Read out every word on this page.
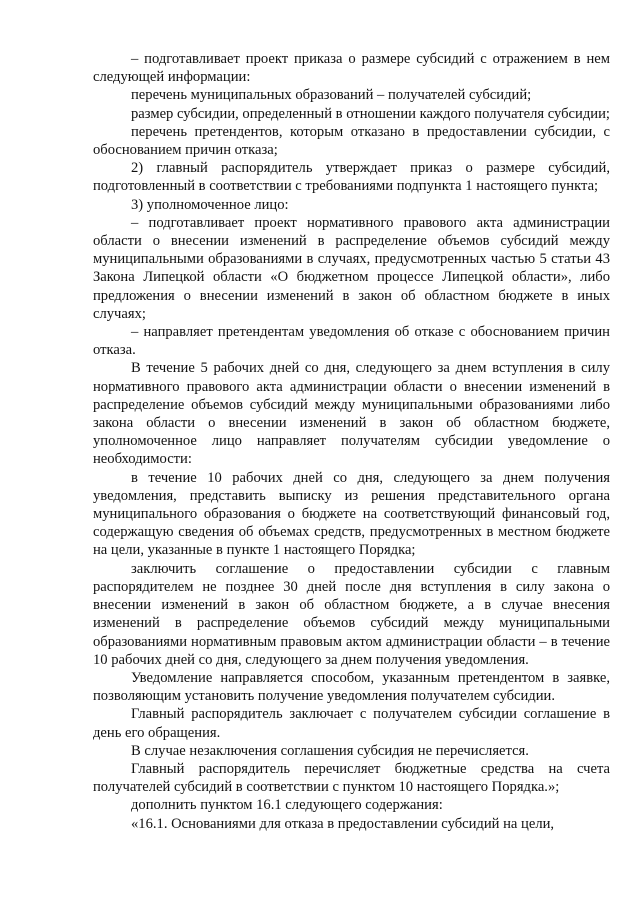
– подготавливает проект приказа о размере субсидий с отражением в нем следующей информации:

перечень муниципальных образований – получателей субсидий;

размер субсидии, определенный в отношении каждого получателя субсидии;

перечень претендентов, которым отказано в предоставлении субсидии, с обоснованием причин отказа;

2) главный распорядитель утверждает приказ о размере субсидий, подготовленный в соответствии с требованиями подпункта 1 настоящего пункта;

3) уполномоченное лицо:

– подготавливает проект нормативного правового акта администрации области о внесении изменений в распределение объемов субсидий между муниципальными образованиями в случаях, предусмотренных частью 5 статьи 43 Закона Липецкой области «О бюджетном процессе Липецкой области», либо предложения о внесении изменений в закон об областном бюджете в иных случаях;

– направляет претендентам уведомления об отказе с обоснованием причин отказа.

В течение 5 рабочих дней со дня, следующего за днем вступления в силу нормативного правового акта администрации области о внесении изменений в распределение объемов субсидий между муниципальными образованиями либо закона области о внесении изменений в закон об областном бюджете, уполномоченное лицо направляет получателям субсидии уведомление о необходимости:

в течение 10 рабочих дней со дня, следующего за днем получения уведомления, представить выписку из решения представительного органа муниципального образования о бюджете на соответствующий финансовый год, содержащую сведения об объемах средств, предусмотренных в местном бюджете на цели, указанные в пункте 1 настоящего Порядка;

заключить соглашение о предоставлении субсидии с главным распорядителем не позднее 30 дней после дня вступления в силу закона о внесении изменений в закон об областном бюджете, а в случае внесения изменений в распределение объемов субсидий между муниципальными образованиями нормативным правовым актом администрации области – в течение 10 рабочих дней со дня, следующего за днем получения уведомления.

Уведомление направляется способом, указанным претендентом в заявке, позволяющим установить получение уведомления получателем субсидии.

Главный распорядитель заключает с получателем субсидии соглашение в день его обращения.

В случае незаключения соглашения субсидия не перечисляется.

Главный распорядитель перечисляет бюджетные средства на счета получателей субсидий в соответствии с пунктом 10 настоящего Порядка.»;

дополнить пунктом 16.1 следующего содержания:

«16.1. Основаниями для отказа в предоставлении субсидий на цели,
